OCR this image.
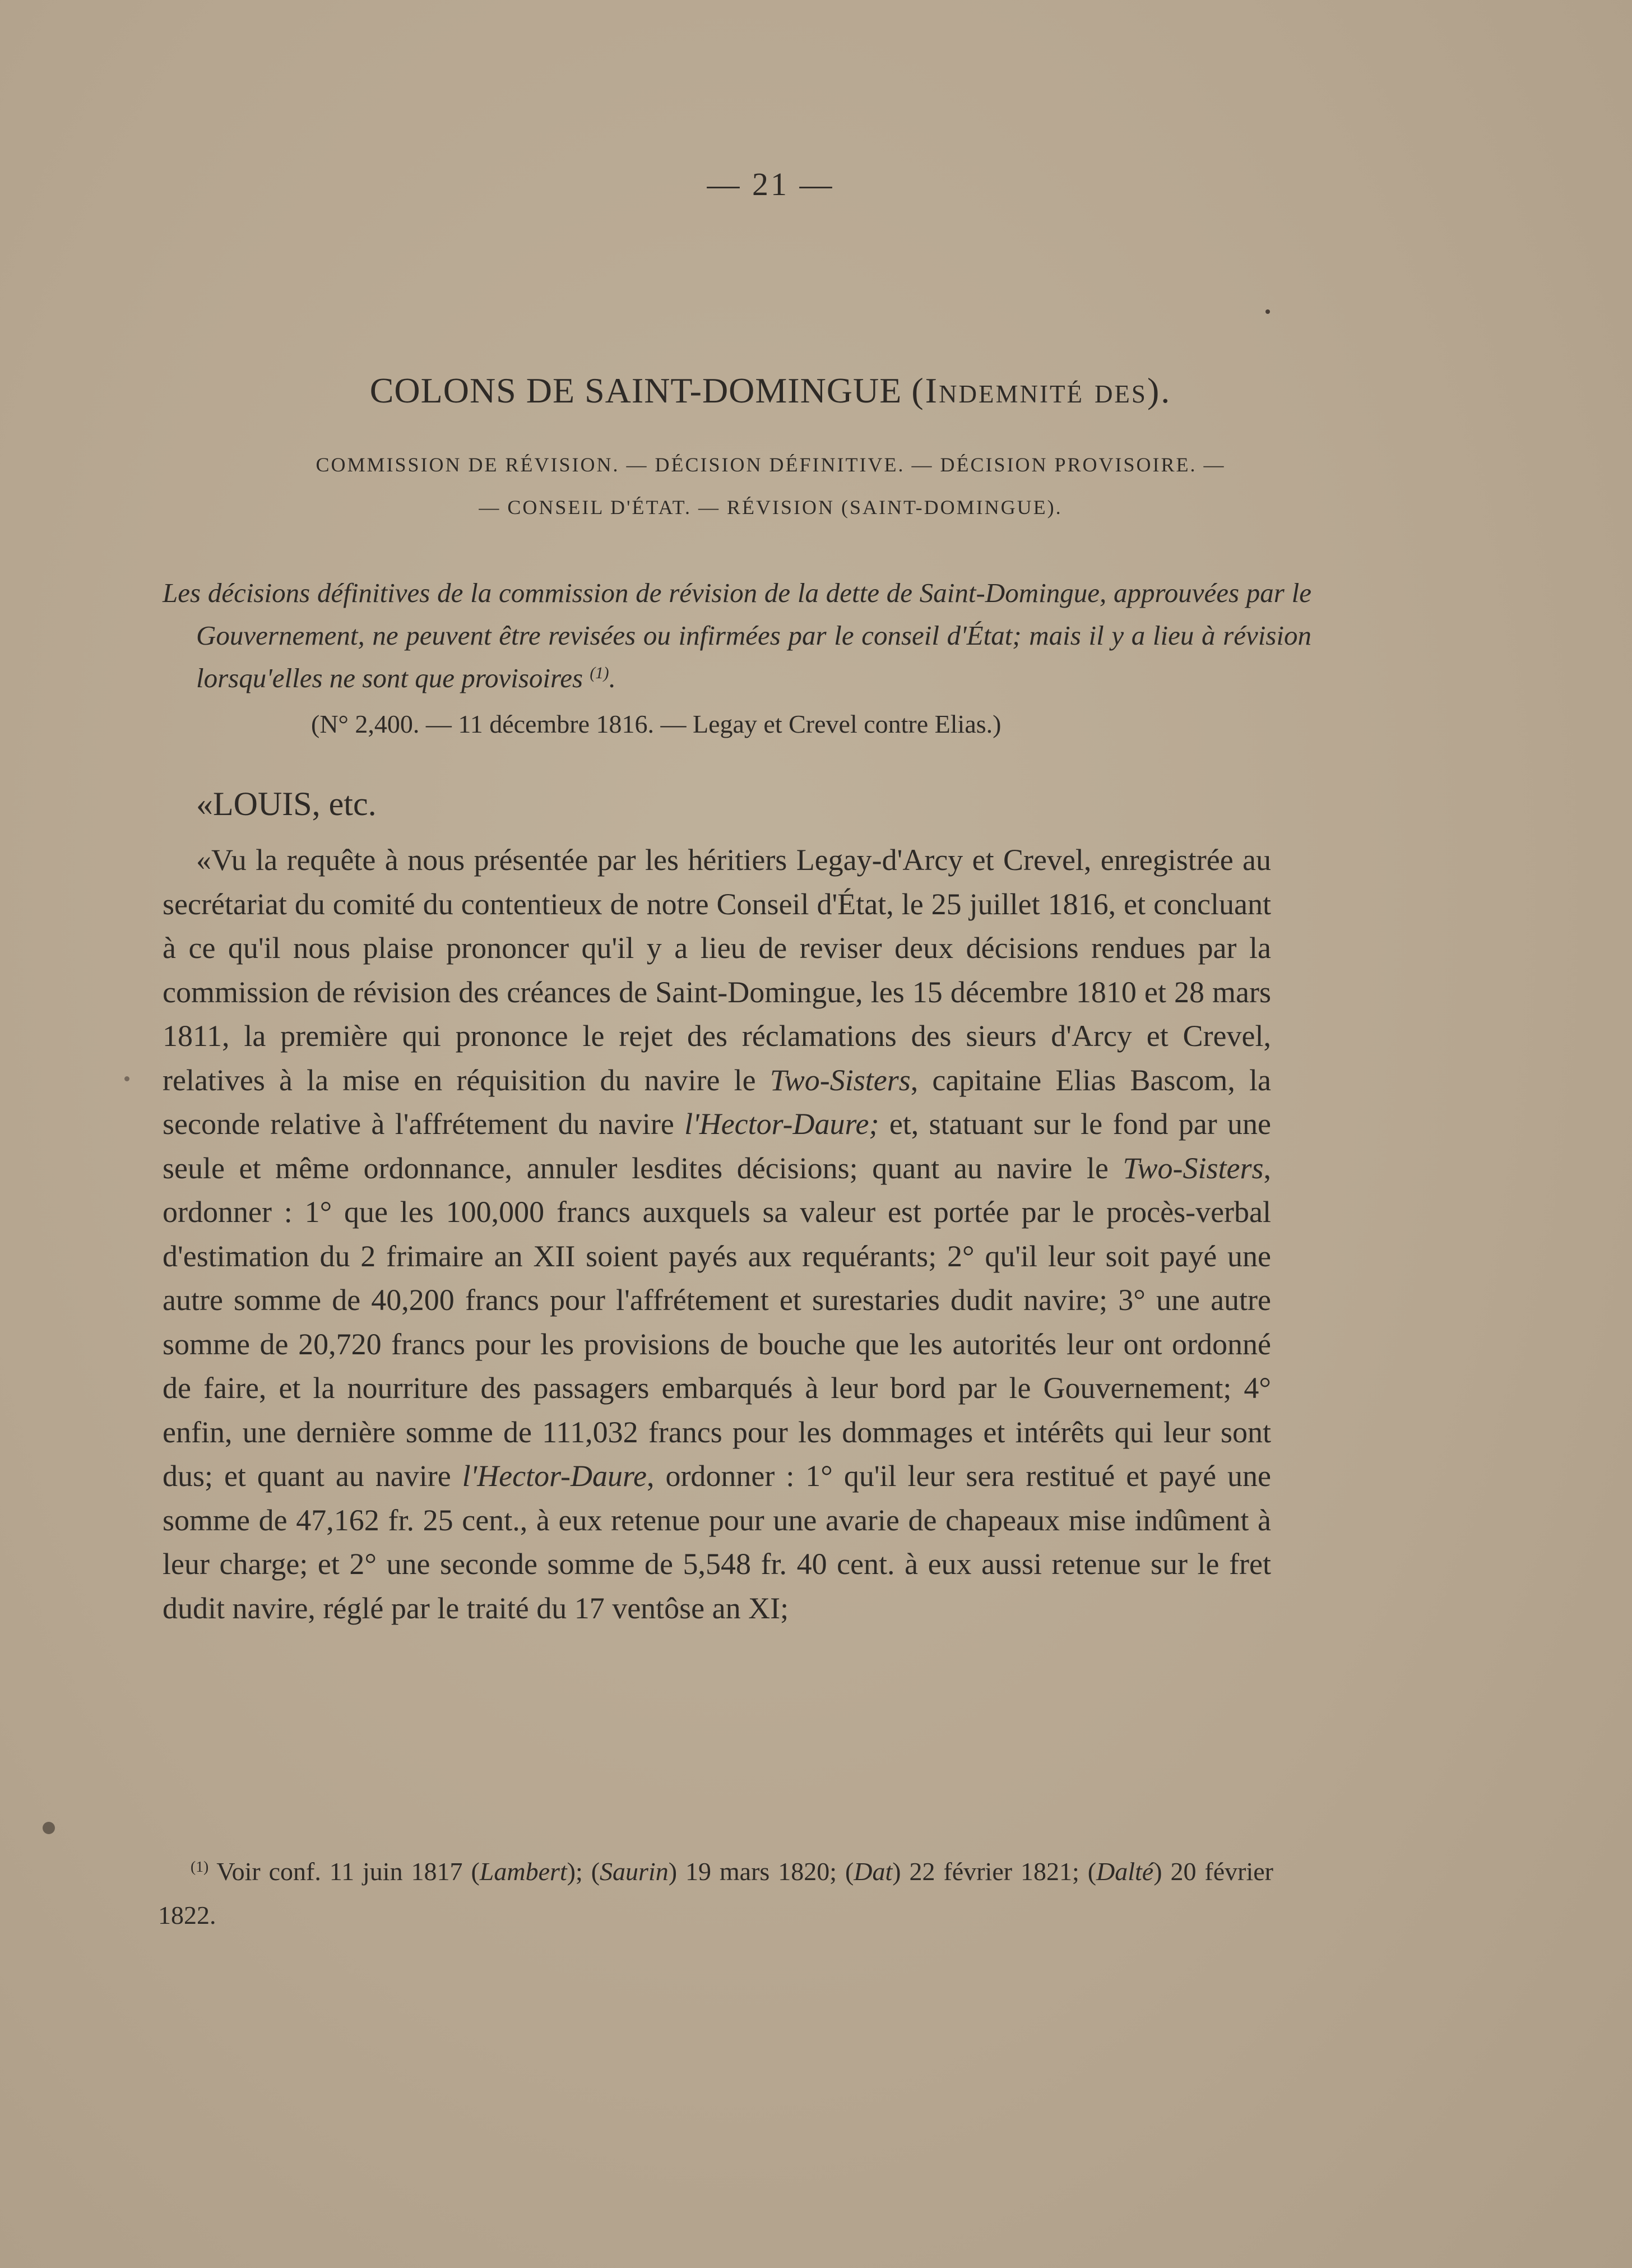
— 21 —
COLONS DE SAINT-DOMINGUE (Indemnité des).
COMMISSION DE RÉVISION. — DÉCISION DÉFINITIVE. — DÉCISION PROVISOIRE. —
— CONSEIL D'ÉTAT. — RÉVISION (SAINT-DOMINGUE).
Les décisions définitives de la commission de révision de la dette de Saint-Domingue, approuvées par le Gouvernement, ne peuvent être revisées ou infirmées par le conseil d'État; mais il y a lieu à révision lorsqu'elles ne sont que provisoires $^{(1)}$.
(N° 2,400. — 11 décembre 1816. — Legay et Crevel contre Elias.)
«LOUIS, etc.
«Vu la requête à nous présentée par les héritiers Legay-d'Arcy et Crevel, enregistrée au secrétariat du comité du contentieux de notre Conseil d'État, le 25 juillet 1816, et concluant à ce qu'il nous plaise prononcer qu'il y a lieu de reviser deux décisions rendues par la commission de révision des créances de Saint-Domingue, les 15 décembre 1810 et 28 mars 1811, la première qui prononce le rejet des réclamations des sieurs d'Arcy et Crevel, relatives à la mise en réquisition du navire le Two-Sisters, capitaine Elias Bascom, la seconde relative à l'affrétement du navire l'Hector-Daure; et, statuant sur le fond par une seule et même ordonnance, annuler lesdites décisions; quant au navire le Two-Sisters, ordonner : 1° que les 100,000 francs auxquels sa valeur est portée par le procès-verbal d'estimation du 2 frimaire an XII soient payés aux requérants; 2° qu'il leur soit payé une autre somme de 40,200 francs pour l'affrétement et surestaries dudit navire; 3° une autre somme de 20,720 francs pour les provisions de bouche que les autorités leur ont ordonné de faire, et la nourriture des passagers embarqués à leur bord par le Gouvernement; 4° enfin, une dernière somme de 111,032 francs pour les dommages et intérêts qui leur sont dus; et quant au navire l'Hector-Daure, ordonner : 1° qu'il leur sera restitué et payé une somme de 47,162 fr. 25 cent., à eux retenue pour une avarie de chapeaux mise indûment à leur charge; et 2° une seconde somme de 5,548 fr. 40 cent. à eux aussi retenue sur le fret dudit navire, réglé par le traité du 17 ventôse an XI;
$^{(1)}$ Voir conf. 11 juin 1817 (Lambert); (Saurin) 19 mars 1820; (Dat) 22 février 1821; (Dalté) 20 février 1822.
